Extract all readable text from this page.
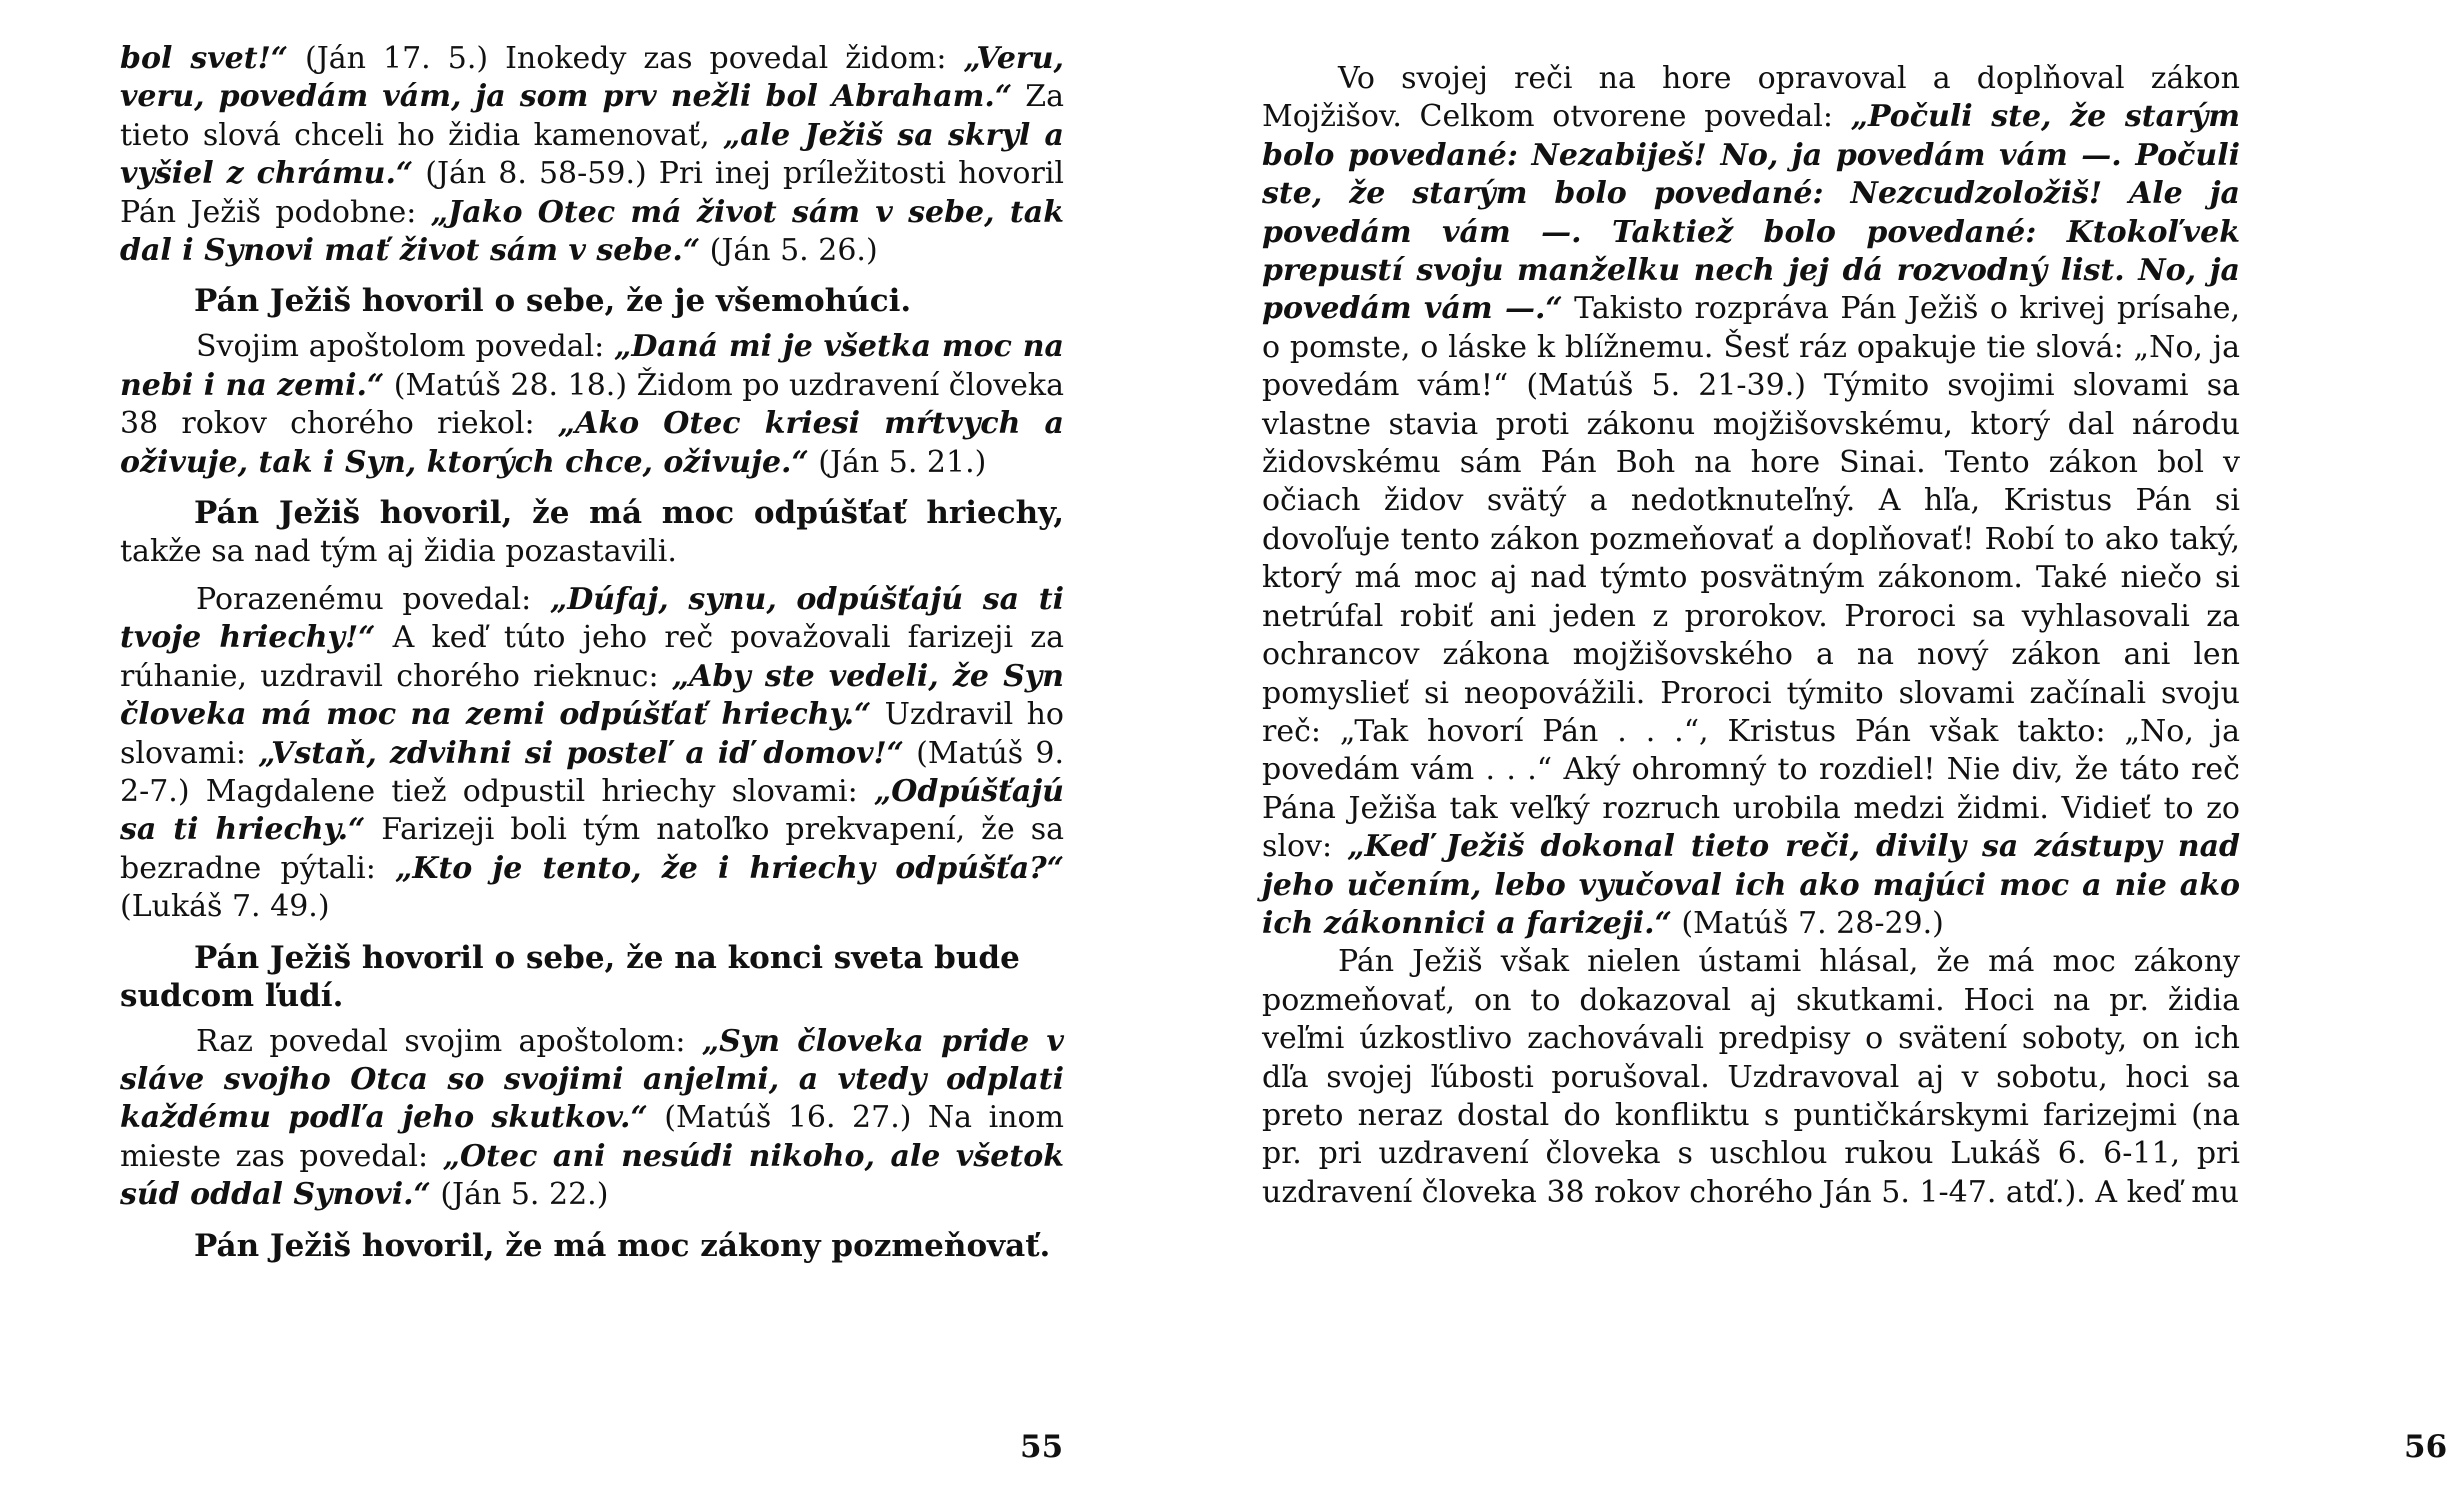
bol svet!“ (Ján 17. 5.) Inokedy zas povedal židom: „Veru, veru, povedám vám, ja som prv nežli bol Abraham.“ Za tieto slová chceli ho židia kamenovať, „ale Ježiš sa skryl a vyšiel z chrámu.“ (Ján 8. 58-59.) Pri inej príležitosti hovoril Pán Ježiš podobne: „Jako Otec má život sám v sebe, tak dal i Synovi mať život sám v sebe.“ (Ján 5. 26.)

Pán Ježiš hovoril o sebe, že je všemohúci.

Svojim apoštolom povedal: „Daná mi je všetka moc na nebi i na zemi.“ (Matúš 28. 18.) Židom po uzdravení človeka 38 rokov chorého riekol: „Ako Otec kriesi mŕtvych a oživuje, tak i Syn, ktorých chce, oživuje.“ (Ján 5. 21.)

Pán Ježiš hovoril, že má moc odpúšťať hriechy, takže sa nad tým aj židia pozastavili.

Porazenému povedal: „Dúfaj, synu, odpúšťajú sa ti tvoje hriechy!“ A keď túto jeho reč považovali farizeji za rúhanie, uzdravil chorého rieknuc: „Aby ste vedeli, že Syn človeka má moc na zemi odpúšťať hriechy.“ Uzdravil ho slovami: „Vstaň, zdvihni si posteľ a iď domov!“ (Matúš 9. 2-7.) Magdalene tiež odpustil hriechy slovami: „Odpúšťajú sa ti hriechy.“ Farizeji boli tým natoľko prekvapení, že sa bezradne pýtali: „Kto je tento, že i hriechy odpúšťa?“ (Lukáš 7. 49.)

Pán Ježiš hovoril o sebe, že na konci sveta bude sudcom ľudí.

Raz povedal svojim apoštolom: „Syn človeka pride v sláve svojho Otca so svojimi anjelmi, a vtedy odplati každému podľa jeho skutkov.“ (Matúš 16. 27.) Na inom mieste zas povedal: „Otec ani nesúdi nikoho, ale všetok súd oddal Synovi.“ (Ján 5. 22.)

Pán Ježiš hovoril, že má moc zákony pozmeňovať.
55

Vo svojej reči na hore opravoval a doplňoval zákon Mojžišov. Celkom otvorene povedal: „Počuli ste, že starým bolo povedané: Nezabiješ! No, ja povedám vám —. Počuli ste, že starým bolo povedané: Nezcudzoložiš! Ale ja povedám vám —. Taktiež bolo povedané: Ktokoľvek prepustí svoju manželku nech jej dá rozvodný list. No, ja povedám vám —.“ Takisto rozpráva Pán Ježiš o krivej prísahe, o pomste, o láske k blížnemu. Šesť ráz opakuje tie slová: „No, ja povedám vám!“ (Matúš 5. 21-39.) Týmito svojimi slovami sa vlastne stavia proti zákonu mojžišovskému, ktorý dal národu židovskému sám Pán Boh na hore Sinai. Tento zákon bol v očiach židov svätý a nedotknuteľný. A hľa, Kristus Pán si dovoľuje tento zákon pozmeňovať a doplňovať! Robí to ako taký, ktorý má moc aj nad týmto posvätným zákonom. Také niečo si netrúfal robiť ani jeden z prorokov. Proroci sa vyhlasovali za ochrancov zákona mojžišovského a na nový zákon ani len pomyslieť si neopovážili. Proroci týmito slovami začínali svoju reč: „Tak hovorí Pán . . .“, Kristus Pán však takto: „No, ja povedám vám . . .“ Aký ohromný to rozdiel! Nie div, že táto reč Pána Ježiša tak veľký rozruch urobila medzi židmi. Vidieť to zo slov: „Keď Ježiš dokonal tieto reči, divily sa zástupy nad jeho učením, lebo vyučoval ich ako majúci moc a nie ako ich zákonnici a farizeji.“ (Matúš 7. 28-29.)

Pán Ježiš však nielen ústami hlásal, že má moc zákony pozmeňovať, on to dokazoval aj skutkami. Hoci na pr. židia veľmi úzkostlivo zachovávali predpisy o svätení soboty, on ich dľa svojej ľúbosti porušoval. Uzdravoval aj v sobotu, hoci sa preto neraz dostal do konfliktu s puntičkárskymi farizejmi (na pr. pri uzdravení človeka s uschlou rukou Lukáš 6. 6-11, pri uzdravení človeka 38 rokov chorého Ján 5. 1-47. atď.). A keď mu

56
